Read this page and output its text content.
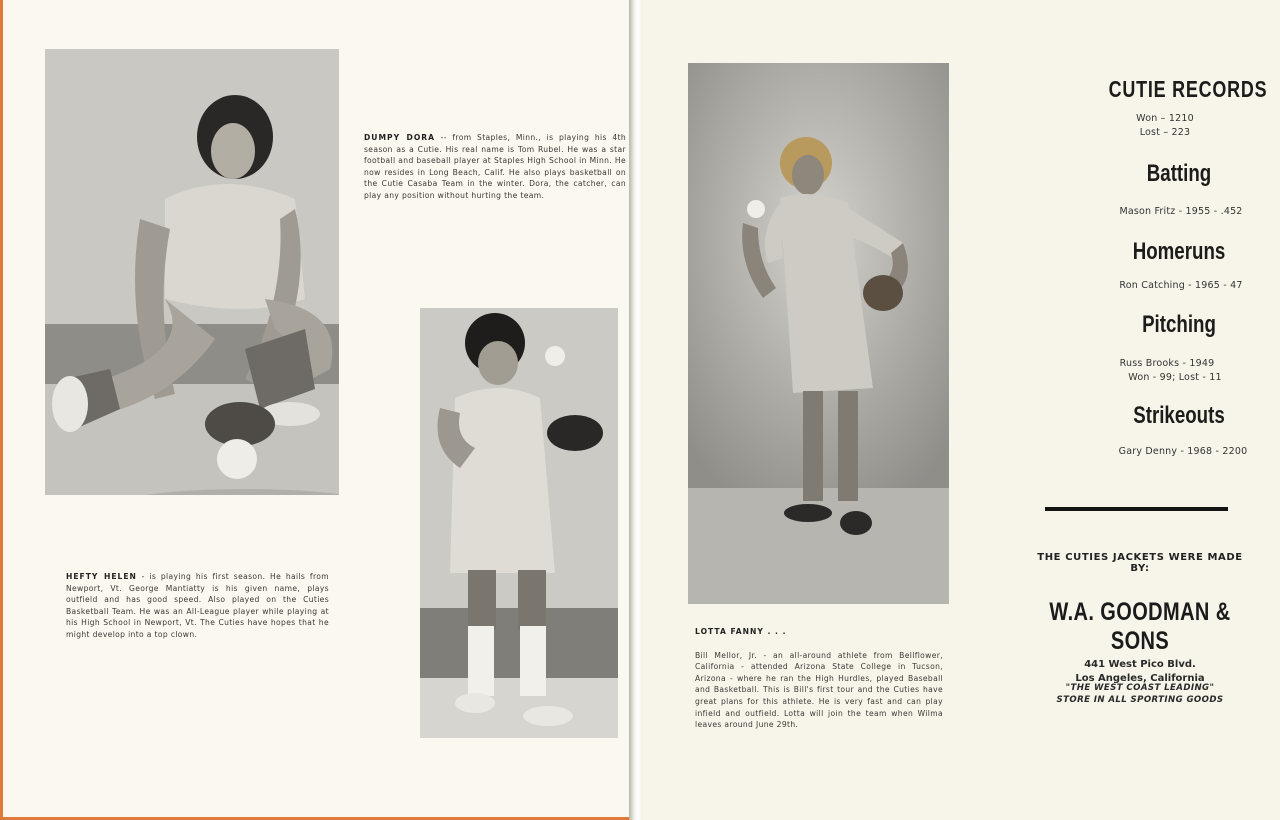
DUMPY DORA -- from Staples, Minn., is playing his 4th season as a Cutie. His real name is Tom Rubel. He was a star football and baseball player at Staples High School in Minn. He now resides in Long Beach, Calif. He also plays basketball on the Cutie Casaba Team in the winter. Dora, the catcher, can play any position without hurting the team.
HEFTY HELEN - is playing his first season. He hails from Newport, Vt. George Mantiatty is his given name, plays outfield and has good speed. Also played on the Cuties Basketball Team. He was an All-League player while playing at his High School in Newport, Vt. The Cuties have hopes that he might develop into a top clown.	LOTTA FANNY . . .
Bill Mellor, Jr. - an all-around athlete from Bellflower, California - attended Arizona State College in Tucson, Arizona - where he ran the High Hurdles, played Baseball and Basketball. This is Bill's first tour and the Cuties have great plans for this athlete. He is very fast and can play infield and outfield. Lotta will join the team when Wilma leaves around June 29th.
CUTIE RECORDS
Won – 1210
Lost – 223
Batting
Mason Fritz - 1955 - .452
Homeruns
Ron Catching - 1965 - 47
Pitching
Russ Brooks - 1949
Won - 99; Lost - 11
Strikeouts
Gary Denny - 1968 - 2200
THE CUTIES JACKETS WERE MADE BY:
W.A. GOODMAN & SONS
441 West Pico Blvd.
Los Angeles, California
"THE WEST COAST LEADING"
STORE IN ALL SPORTING GOODS
